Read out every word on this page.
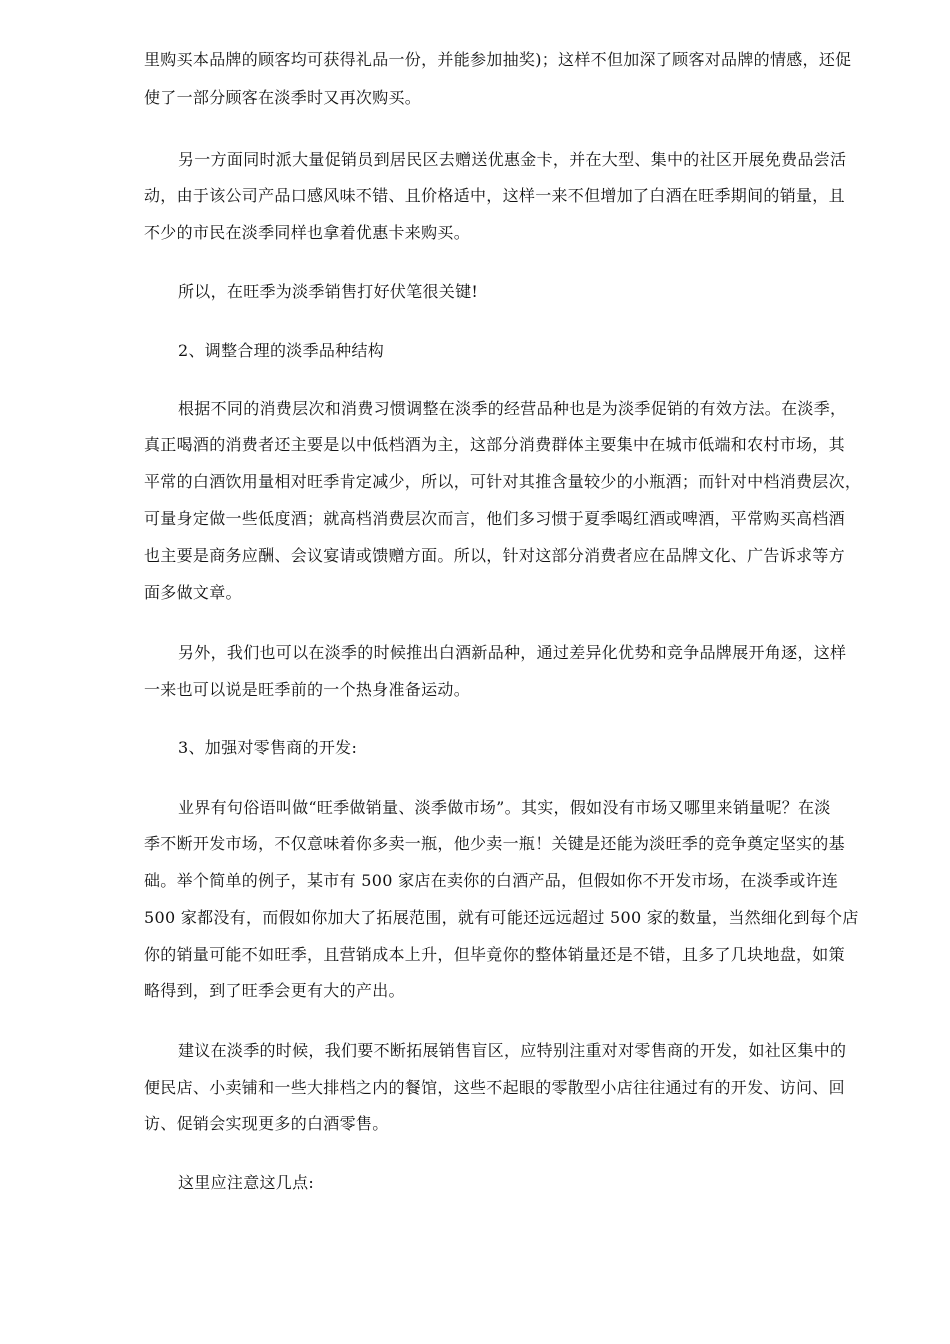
里购买本品牌的顾客均可获得礼品一份，并能参加抽奖)；这样不但加深了顾客对品牌的情感，还促
使了一部分顾客在淡季时又再次购买。
另一方面同时派大量促销员到居民区去赠送优惠金卡，并在大型、集中的社区开展免费品尝活
动，由于该公司产品口感风味不错、且价格适中，这样一来不但增加了白酒在旺季期间的销量，且
不少的市民在淡季同样也拿着优惠卡来购买。
所以，在旺季为淡季销售打好伏笔很关键!
2、调整合理的淡季品种结构
根据不同的消费层次和消费习惯调整在淡季的经营品种也是为淡季促销的有效方法。在淡季，
真正喝酒的消费者还主要是以中低档酒为主，这部分消费群体主要集中在城市低端和农村市场，其
平常的白酒饮用量相对旺季肯定减少，所以，可针对其推含量较少的小瓶酒；而针对中档消费层次，
可量身定做一些低度酒；就高档消费层次而言，他们多习惯于夏季喝红酒或啤酒，平常购买高档酒
也主要是商务应酬、会议宴请或馈赠方面。所以，针对这部分消费者应在品牌文化、广告诉求等方
面多做文章。
另外，我们也可以在淡季的时候推出白酒新品种，通过差异化优势和竞争品牌展开角逐，这样
一来也可以说是旺季前的一个热身准备运动。
3、加强对零售商的开发:
业界有句俗语叫做“旺季做销量、淡季做市场”。其实，假如没有市场又哪里来销量呢？在淡
季不断开发市场，不仅意味着你多卖一瓶，他少卖一瓶！关键是还能为淡旺季的竞争奠定坚实的基
础。举个简单的例子，某市有 500 家店在卖你的白酒产品，但假如你不开发市场，在淡季或许连
500 家都没有，而假如你加大了拓展范围，就有可能还远远超过 500 家的数量，当然细化到每个店
你的销量可能不如旺季，且营销成本上升，但毕竟你的整体销量还是不错，且多了几块地盘，如策
略得到，到了旺季会更有大的产出。
建议在淡季的时候，我们要不断拓展销售盲区，应特别注重对对零售商的开发，如社区集中的
便民店、小卖铺和一些大排档之内的餐馆，这些不起眼的零散型小店往往通过有的开发、访问、回
访、促销会实现更多的白酒零售。
这里应注意这几点:
